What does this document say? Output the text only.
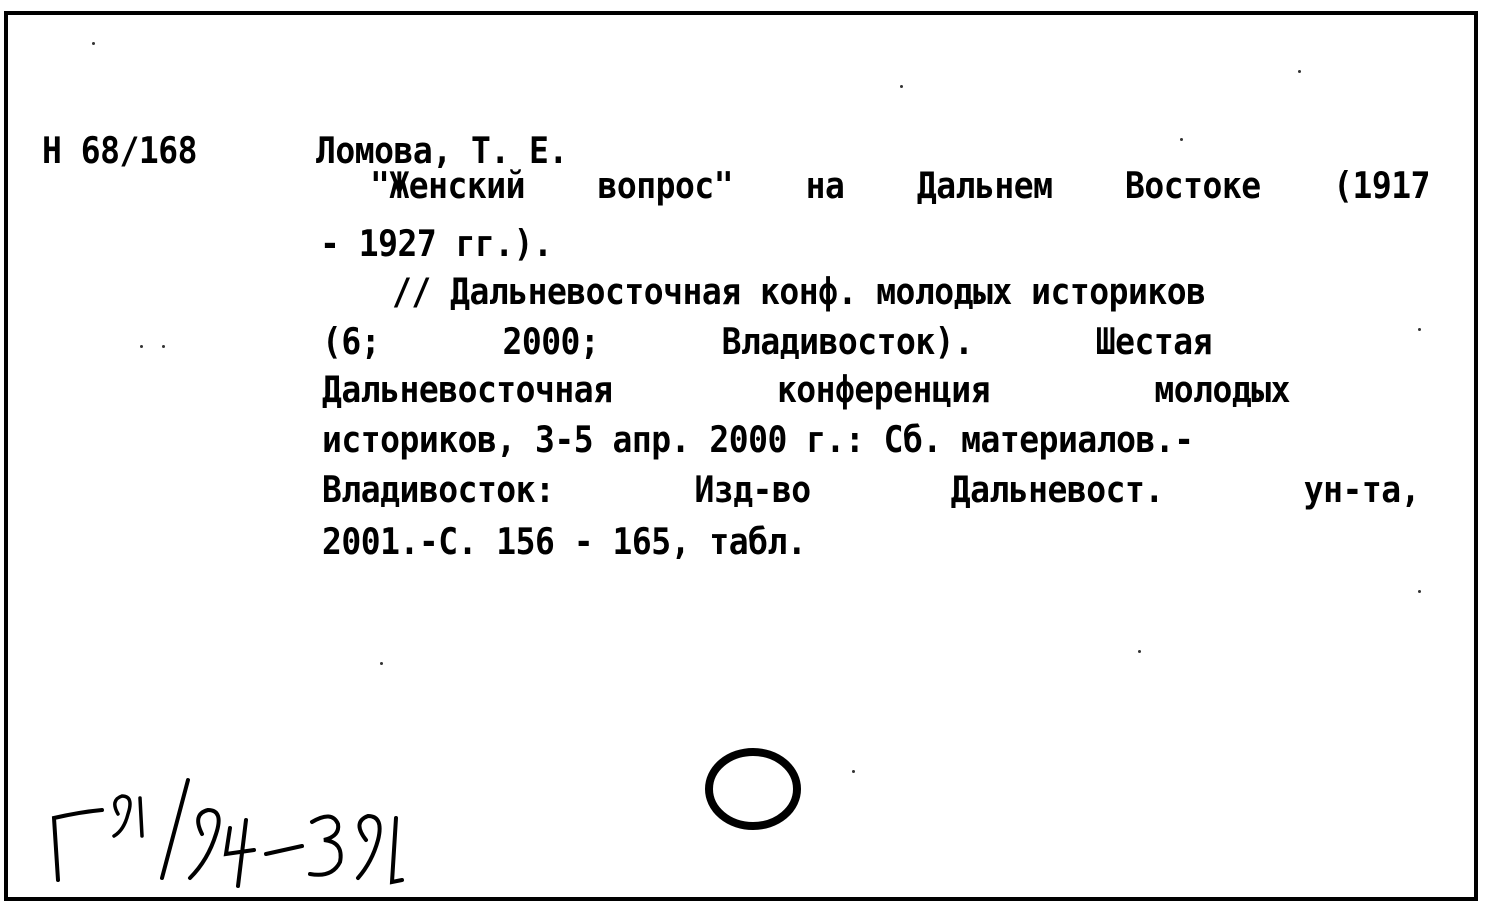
Н 68/168	Ломова, Т. Е.
"Женский вопрос" на Дальнем Востоке (1917
- 1927 гг.).
// Дальневосточная конф. молодых историков
(6;	2000;	Владивосток).	Шестая
Дальневосточная	конференция	молодых
историков, 3-5 апр. 2000 г.: Сб. материалов.-
Владивосток:	Изд-во	Дальневост.	ун-та,
2001.-С. 156 - 165, табл.
